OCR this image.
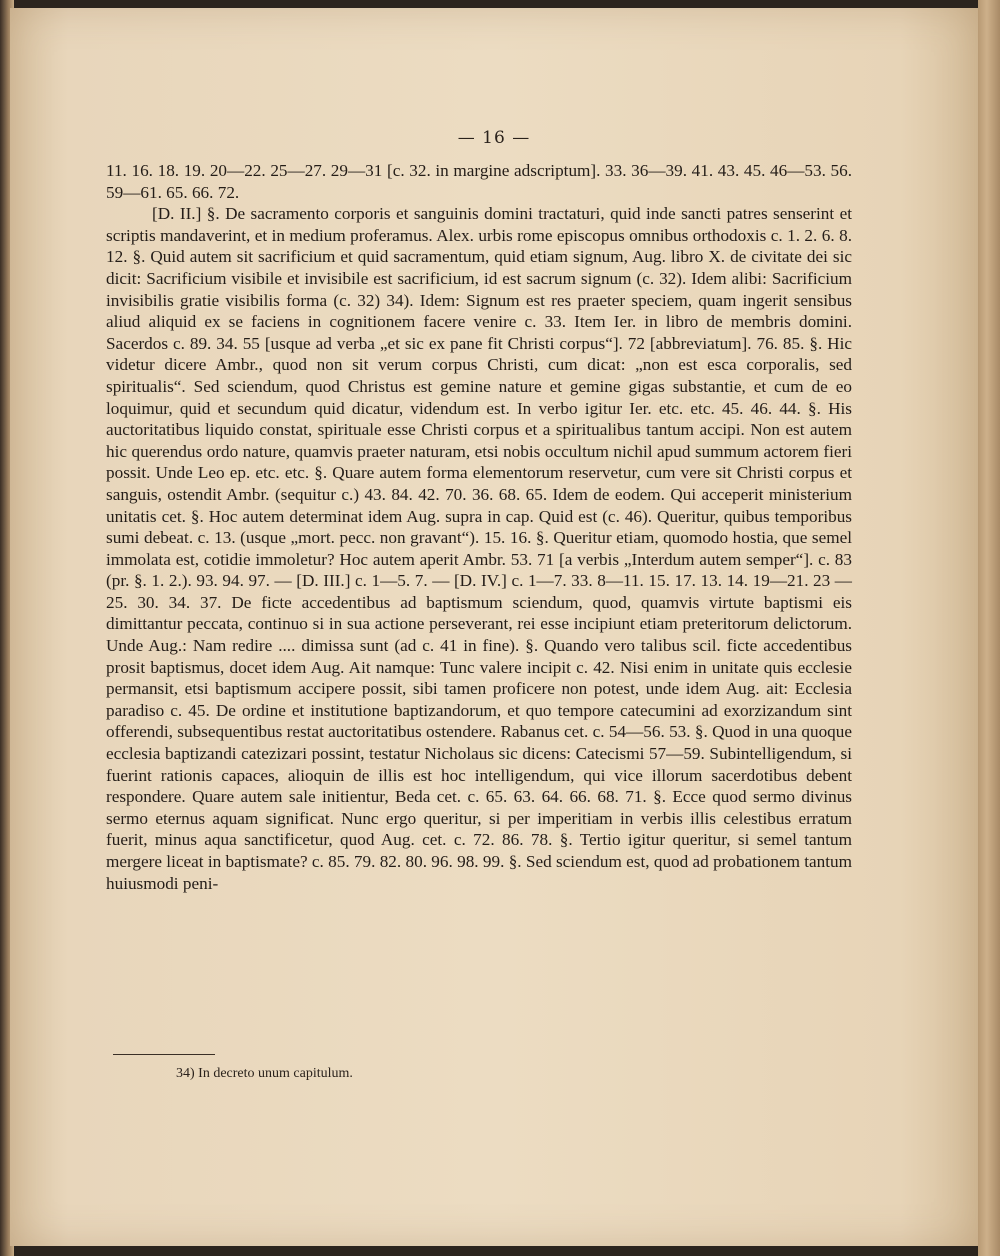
— 16 —

11. 16. 18. 19. 20—22. 25—27. 29—31 [c. 32. in margine adscriptum]. 33. 36—39. 41. 43. 45. 46—53. 56. 59—61. 65. 66. 72.

[D. II.] §. De sacramento corporis et sanguinis domini tractaturi, quid inde sancti patres senserint et scriptis mandaverint, et in medium proferamus. Alex. urbis rome episcopus omnibus orthodoxis c. 1. 2. 6. 8. 12. §. Quid autem sit sacrificium et quid sacramentum, quid etiam signum, Aug. libro X. de civitate dei sic dicit: Sacrificium visibile et invisibile est sacrificium, id est sacrum signum (c. 32). Idem alibi: Sacrificium invisibilis gratie visibilis forma (c. 32) 34). Idem: Signum est res praeter speciem, quam ingerit sensibus aliud aliquid ex se faciens in cognitionem facere venire c. 33. Item Ier. in libro de membris domini. Sacerdos c. 89. 34. 55 [usque ad verba „et sic ex pane fit Christi corpus“]. 72 [abbreviatum]. 76. 85. §. Hic videtur dicere Ambr., quod non sit verum corpus Christi, cum dicat: „non est esca corporalis, sed spiritualis“. Sed sciendum, quod Christus est gemine nature et gemine gigas substantie, et cum de eo loquimur, quid et secundum quid dicatur, videndum est. In verbo igitur Ier. etc. etc. 45. 46. 44. §. His auctoritatibus liquido constat, spirituale esse Christi corpus et a spiritualibus tantum accipi. Non est autem hic querendus ordo nature, quamvis praeter naturam, etsi nobis occultum nichil apud summum actorem fieri possit. Unde Leo ep. etc. etc. §. Quare autem forma elementorum reservetur, cum vere sit Christi corpus et sanguis, ostendit Ambr. (sequitur c.) 43. 84. 42. 70. 36. 68. 65. Idem de eodem. Qui acceperit ministerium unitatis cet. §. Hoc autem determinat idem Aug. supra in cap. Quid est (c. 46). Queritur, quibus temporibus sumi debeat. c. 13. (usque „mort. pecc. non gravant“). 15. 16. §. Queritur etiam, quomodo hostia, que semel immolata est, cotidie immoletur? Hoc autem aperit Ambr. 53. 71 [a verbis „Interdum autem semper“]. c. 83 (pr. §. 1. 2.). 93. 94. 97. — [D. III.] c. 1—5. 7. — [D. IV.] c. 1—7. 33. 8—11. 15. 17. 13. 14. 19—21. 23 —25. 30. 34. 37. De ficte accedentibus ad baptismum sciendum, quod, quamvis virtute baptismi eis dimittantur peccata, continuo si in sua actione perseverant, rei esse incipiunt etiam preteritorum delictorum. Unde Aug.: Nam redire .... dimissa sunt (ad c. 41 in fine). §. Quando vero talibus scil. ficte accedentibus prosit baptismus, docet idem Aug. Ait namque: Tunc valere incipit c. 42. Nisi enim in unitate quis ecclesie permansit, etsi baptismum accipere possit, sibi tamen proficere non potest, unde idem Aug. ait: Ecclesia paradiso c. 45. De ordine et institutione baptizandorum, et quo tempore catecumini ad exorzizandum sint offerendi, subsequentibus restat auctoritatibus ostendere. Rabanus cet. c. 54—56. 53. §. Quod in una quoque ecclesia baptizandi catezizari possint, testatur Nicholaus sic dicens: Catecismi 57—59. Subintelligendum, si fuerint rationis capaces, alioquin de illis est hoc intelligendum, qui vice illorum sacerdotibus debent respondere. Quare autem sale initientur, Beda cet. c. 65. 63. 64. 66. 68. 71. §. Ecce quod sermo divinus sermo eternus aquam significat. Nunc ergo queritur, si per imperitiam in verbis illis celestibus erratum fuerit, minus aqua sanctificetur, quod Aug. cet. c. 72. 86. 78. §. Tertio igitur queritur, si semel tantum mergere liceat in baptismate? c. 85. 79. 82. 80. 96. 98. 99. §. Sed sciendum est, quod ad probationem tantum huiusmodi peni-

34) In decreto unum capitulum.
